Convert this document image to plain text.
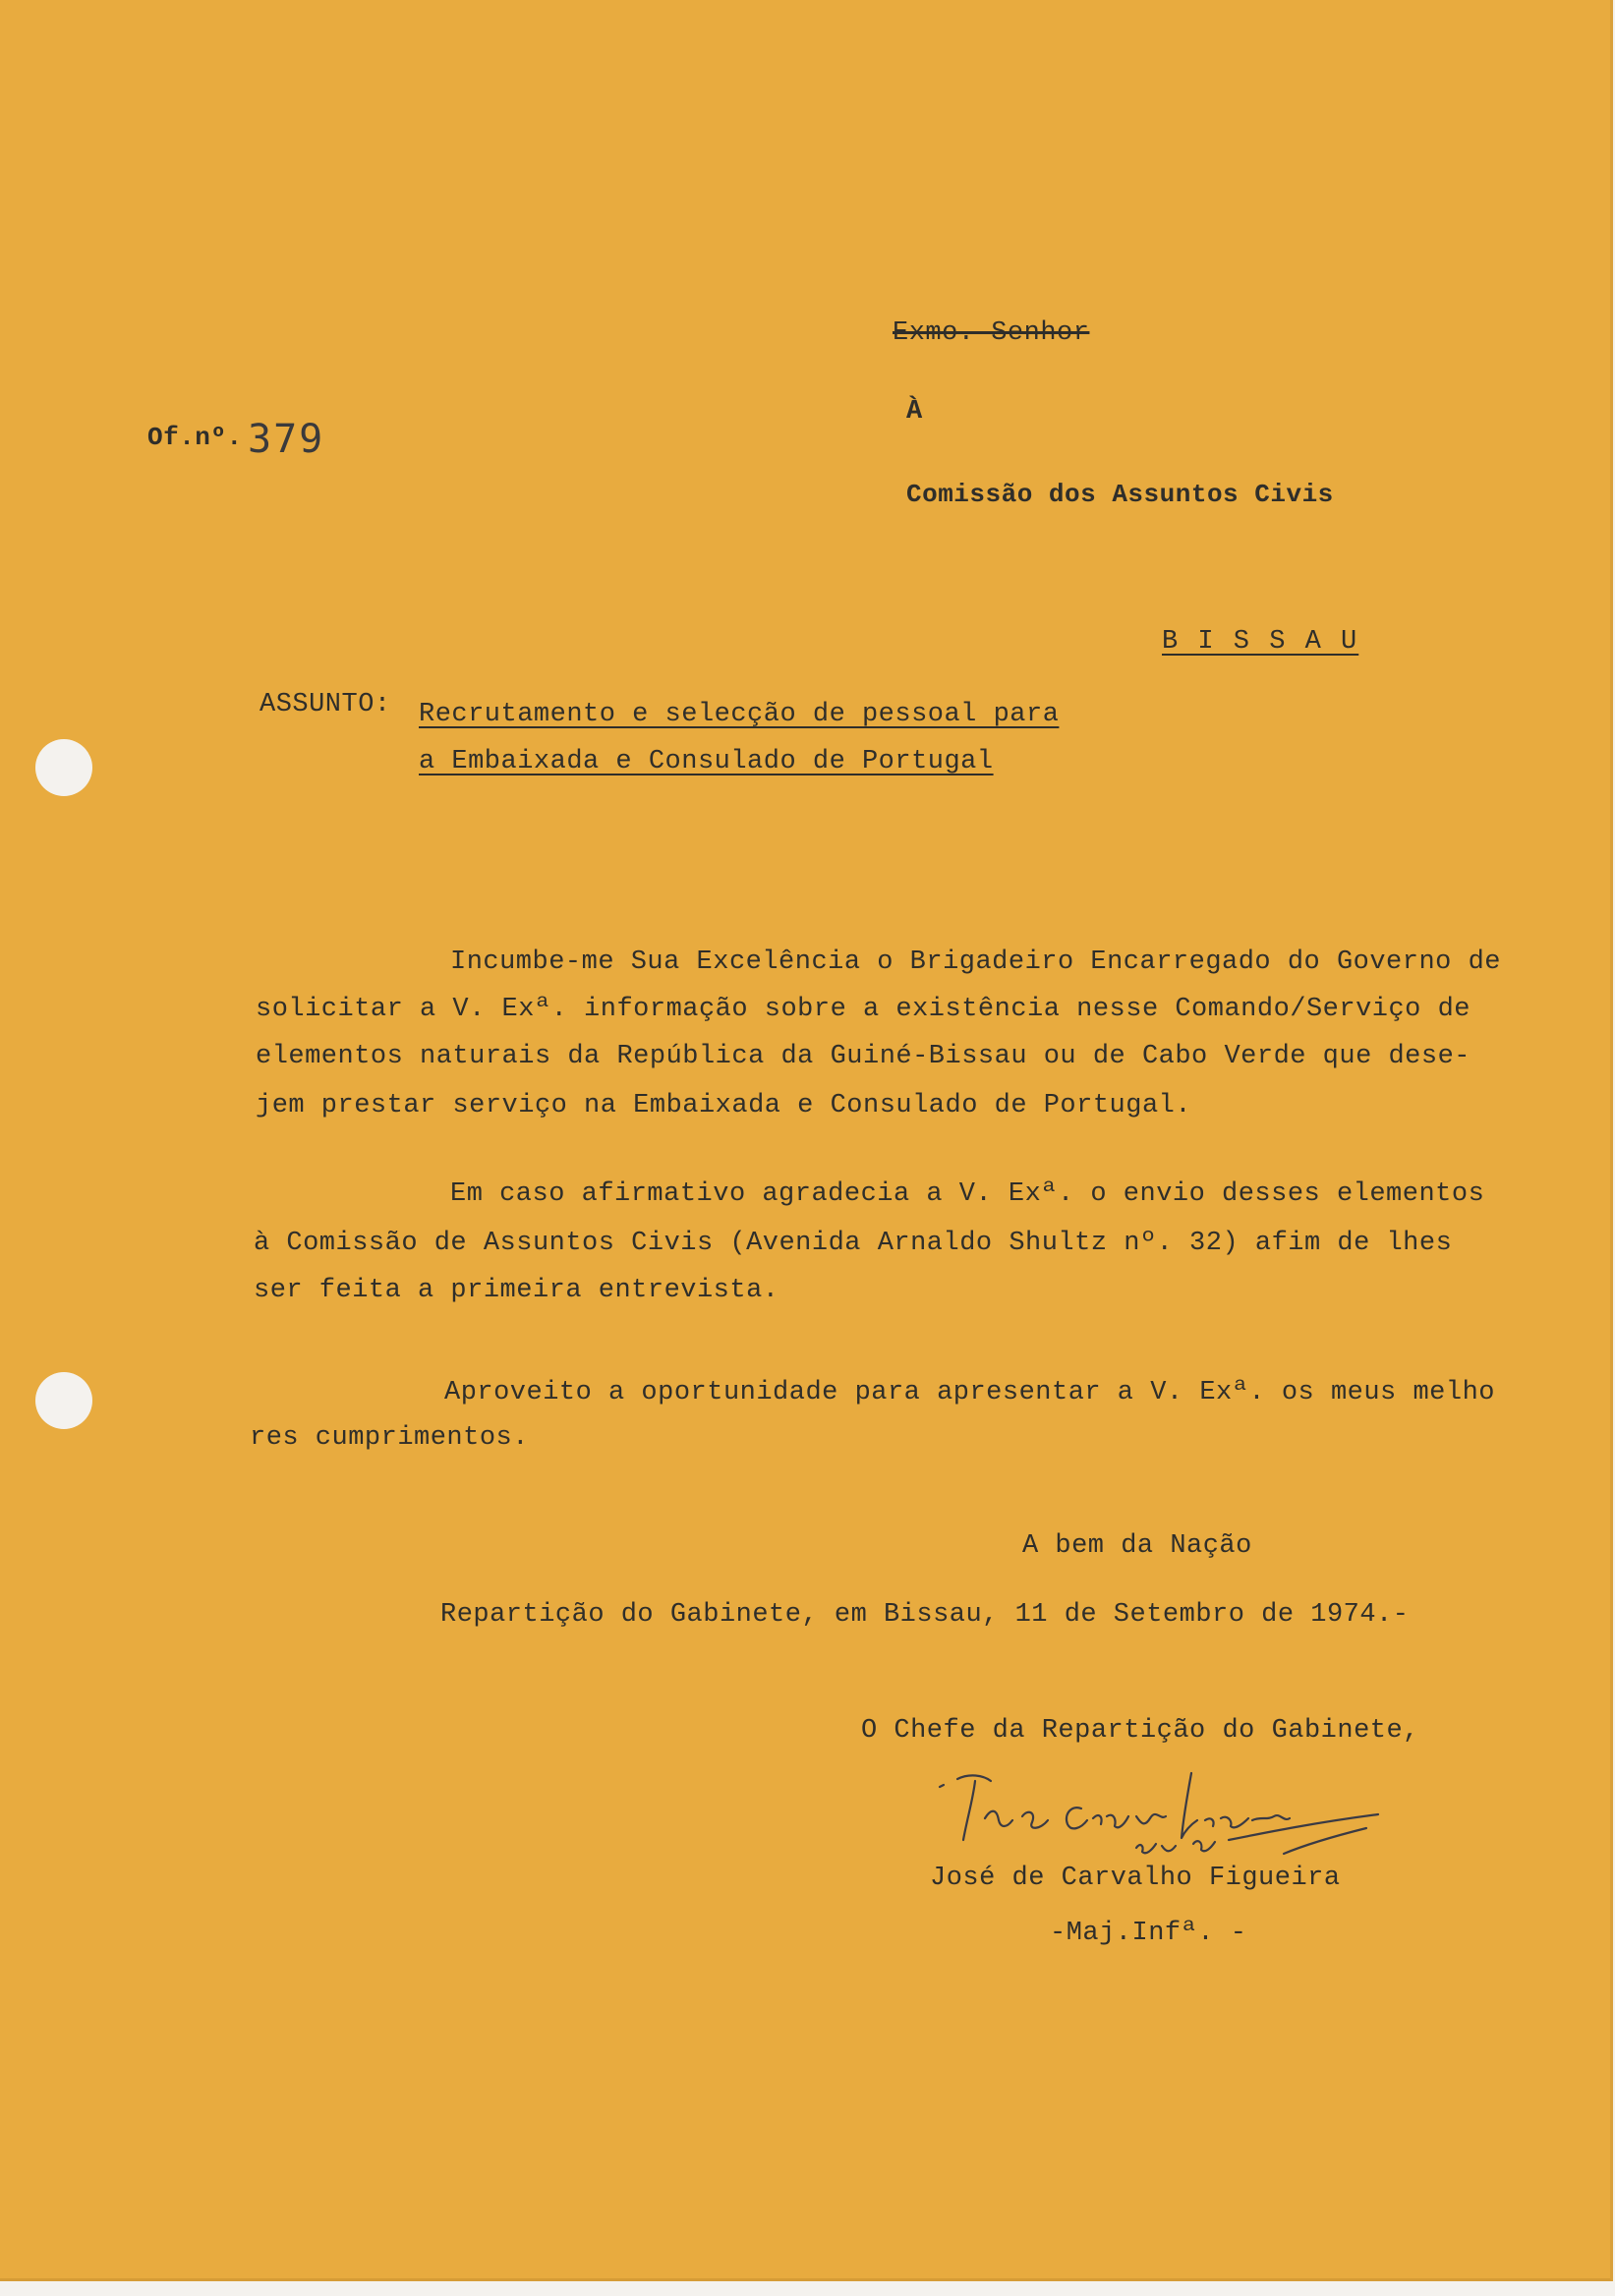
Of.nº. 379
Exmo. Senhor
À
Comissão dos Assuntos Civis
B I S S A U
ASSUNTO: Recrutamento e selecção de pessoal para
a Embaixada e Consulado de Portugal
Incumbe-me Sua Excelência o Brigadeiro Encarregado do Governo de
solicitar a V. Exª. informação sobre a existência nesse Comando/Serviço de
elementos naturais da República da Guiné-Bissau ou de Cabo Verde que dese-
jem prestar serviço na Embaixada e Consulado de Portugal.
Em caso afirmativo agradecia a V. Exª. o envio desses elementos
à Comissão de Assuntos Civis (Avenida Arnaldo Shultz nº. 32) afim de lhes
ser feita a primeira entrevista.
Aproveito a oportunidade para apresentar a V. Exª. os meus melho
res cumprimentos.
A bem da Nação
Repartição do Gabinete, em Bissau, 11 de Setembro de 1974.-
O Chefe da Repartição do Gabinete,
José de Carvalho Figueira
-Maj.Infª. -
